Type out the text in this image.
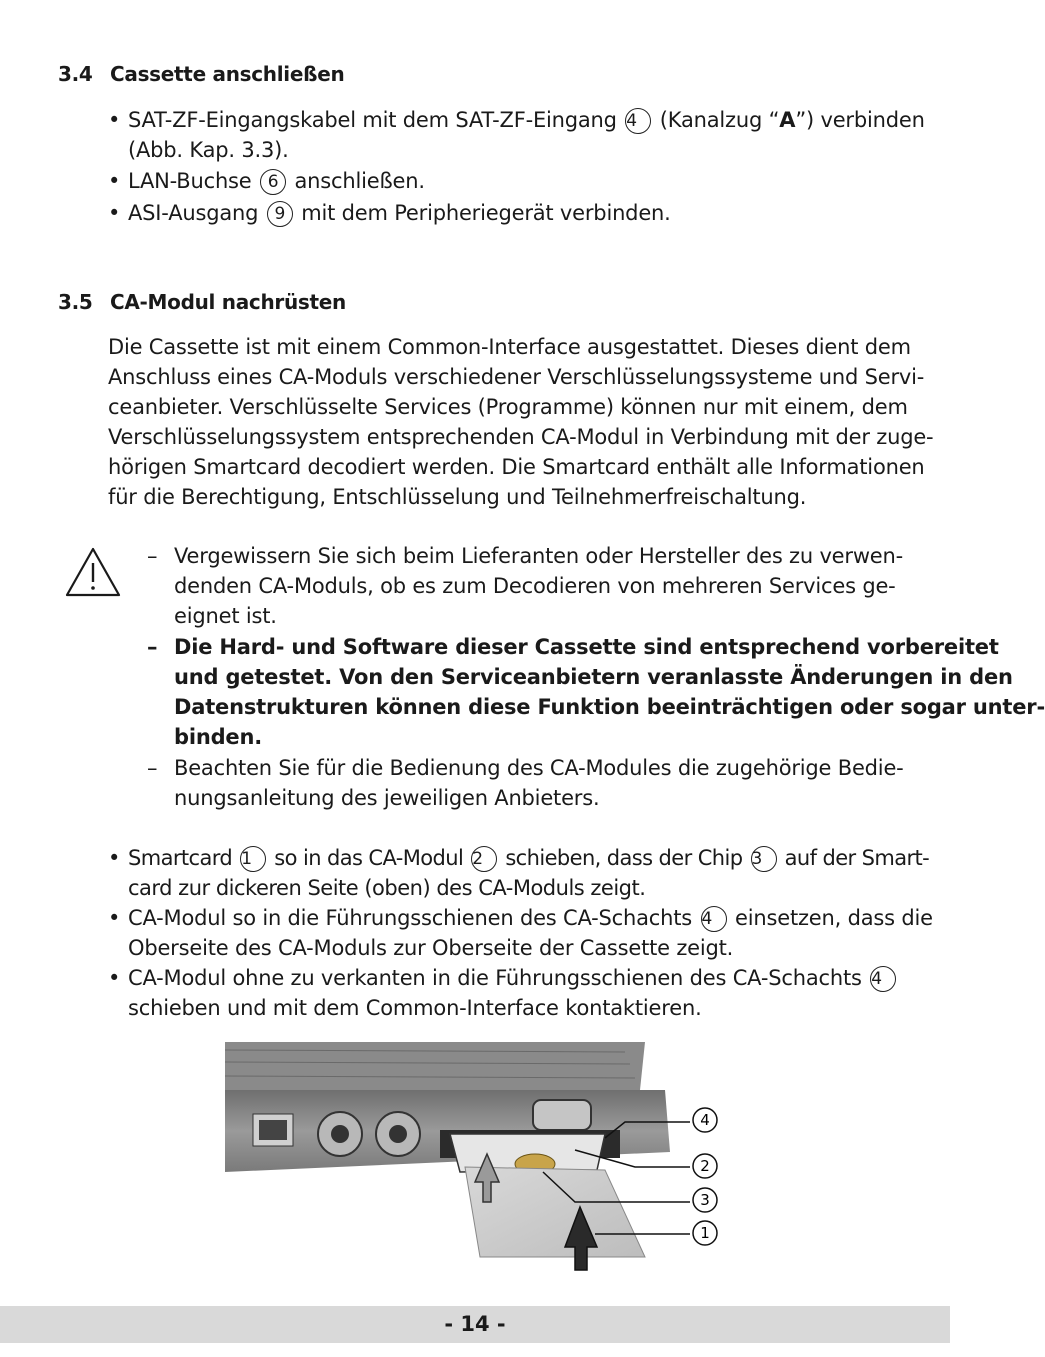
3.4 Cassette anschließen
• SAT-ZF-Eingangskabel mit dem SAT-ZF-Eingang 4 (Kanalzug “A”) verbinden
(Abb. Kap. 3.3).
• LAN-Buchse 6 anschließen.
• ASI-Ausgang 9 mit dem Peripheriegerät verbinden.
3.5 CA-Modul nachrüsten
Die Cassette ist mit einem Common-Interface ausgestattet. Dieses dient dem
Anschluss eines CA-Moduls verschiedener Verschlüsselungssysteme und Servi-
ceanbieter. Verschlüsselte Services (Programme) können nur mit einem, dem
Verschlüsselungssystem entsprechenden CA-Modul in Verbindung mit der zuge-
hörigen Smartcard decodiert werden. Die Smartcard enthält alle Informationen
für die Berechtigung, Entschlüsselung und Teilnehmerfreischaltung.
– Vergewissern Sie sich beim Lieferanten oder Hersteller des zu verwen-
denden CA-Moduls, ob es zum Decodieren von mehreren Services ge-
eignet ist.
– Die Hard- und Software dieser Cassette sind entsprechend vorbereitet
und getestet. Von den Serviceanbietern veranlasste Änderungen in den
Datenstrukturen können diese Funktion beeinträchtigen oder sogar unter-
binden.
– Beachten Sie für die Bedienung des CA-Modules die zugehörige Bedie-
nungsanleitung des jeweiligen Anbieters.
• Smartcard 1 so in das CA-Modul 2 schieben, dass der Chip 3 auf der Smart-
card zur dickeren Seite (oben) des CA-Moduls zeigt.
• CA-Modul so in die Führungsschienen des CA-Schachts 4 einsetzen, dass die
Oberseite des CA-Moduls zur Oberseite der Cassette zeigt.
• CA-Modul ohne zu verkanten in die Führungsschienen des CA-Schachts 4
schieben und mit dem Common-Interface kontaktieren.
4
2
3
1
- 14 -
